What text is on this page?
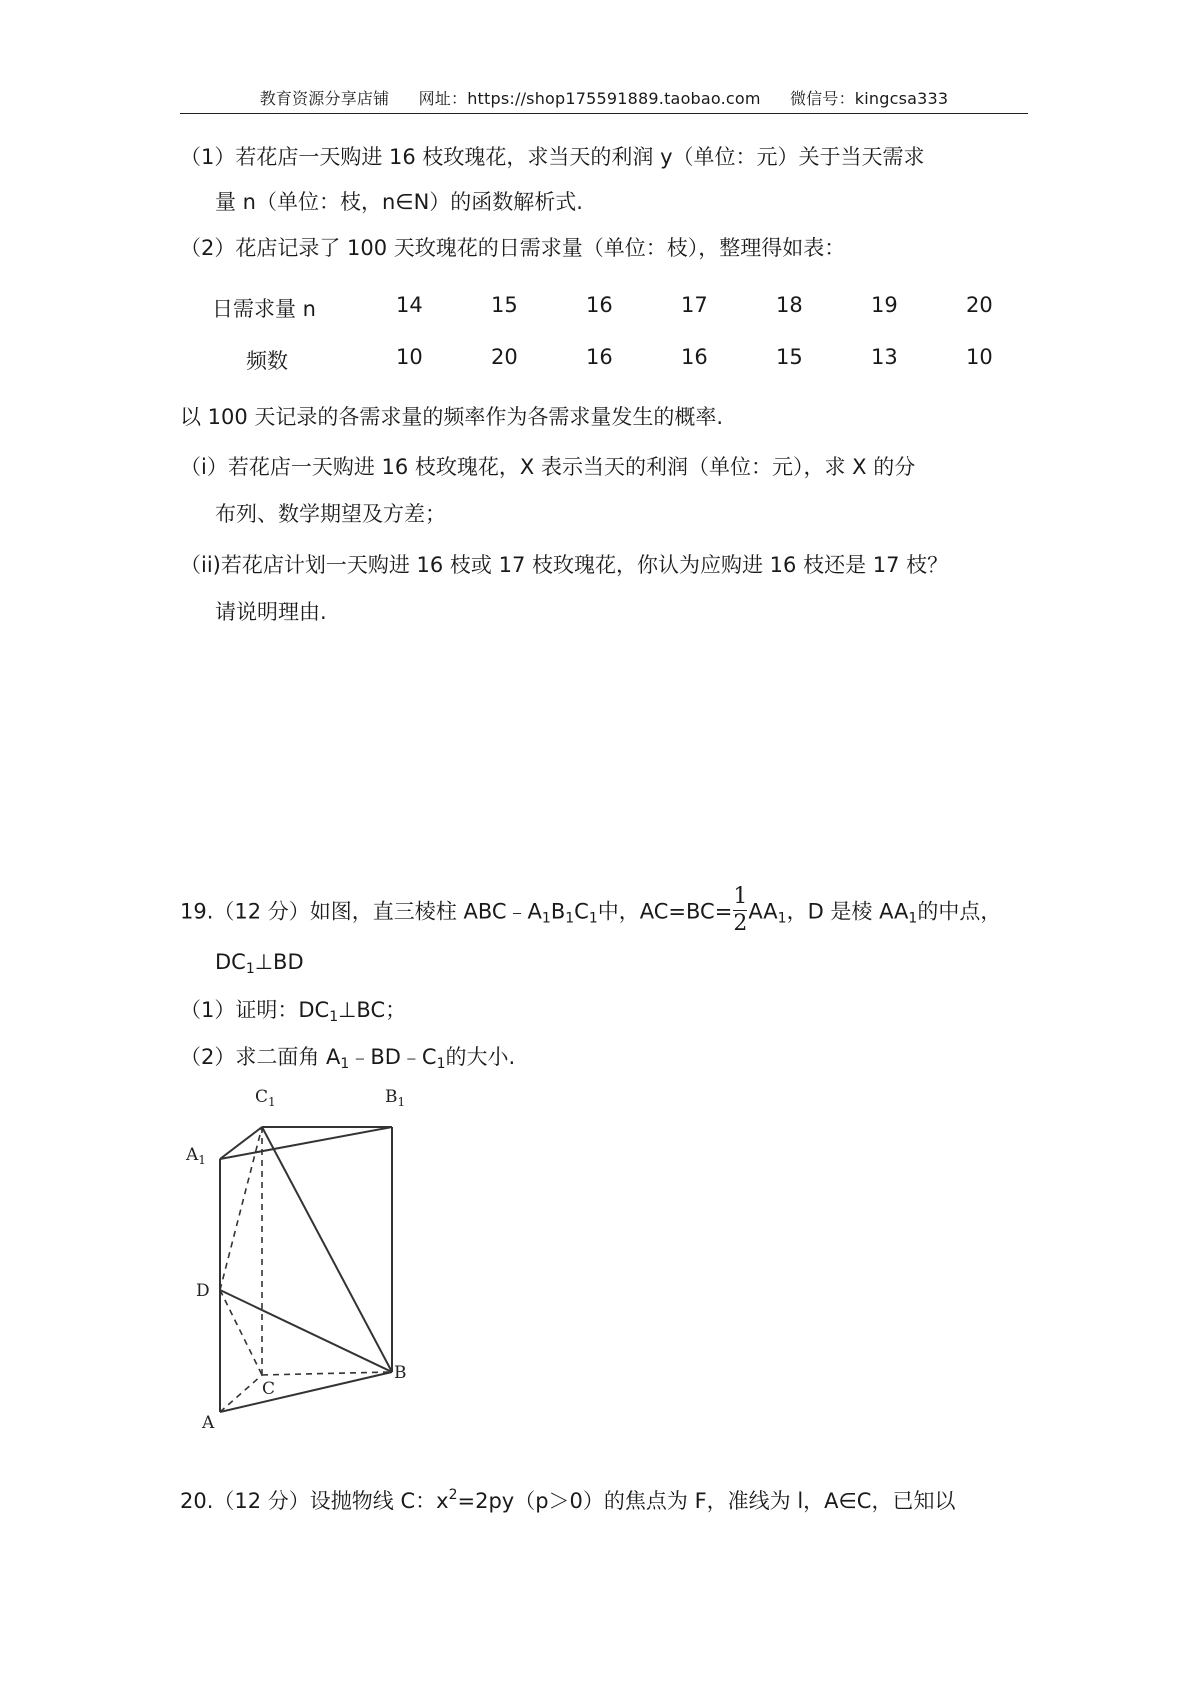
教育资源分享店铺 网址：https://shop175591889.taobao.com 微信号：kingcsa333
（1）若花店一天购进 16 枝玫瑰花，求当天的利润 y（单位：元）关于当天需求
量 n（单位：枝，n∈N）的函数解析式.
（2）花店记录了 100 天玫瑰花的日需求量（单位：枝），整理得如表：
日需求量 n	14	15	16	17	18	19	20
频数	10	20	16	16	15	13	10
以 100 天记录的各需求量的频率作为各需求量发生的概率.
（i）若花店一天购进 16 枝玫瑰花，X 表示当天的利润（单位：元），求 X 的分
布列、数学期望及方差；
（ii)若花店计划一天购进 16 枝或 17 枝玫瑰花，你认为应购进 16 枝还是 17 枝？
请说明理由.
19.（12 分）如图，直三棱柱 $ABC﹣A_1B_1C_1$中，$AC=BC= \frac{1}{2} AA_1$，D 是棱 $AA_1$的中点，
$DC_1\perp BD$
（1）证明：$DC_1\perp BC$；
（2）求二面角 $A_1﹣BD﹣C_1$的大小.
$C_1$	$B_1$
$A_1$
D
C
B
A
20.（12 分）设抛物线 C：$x^2=2py(p>0)$的焦点为 F，准线为 l，A∈C，已知以
